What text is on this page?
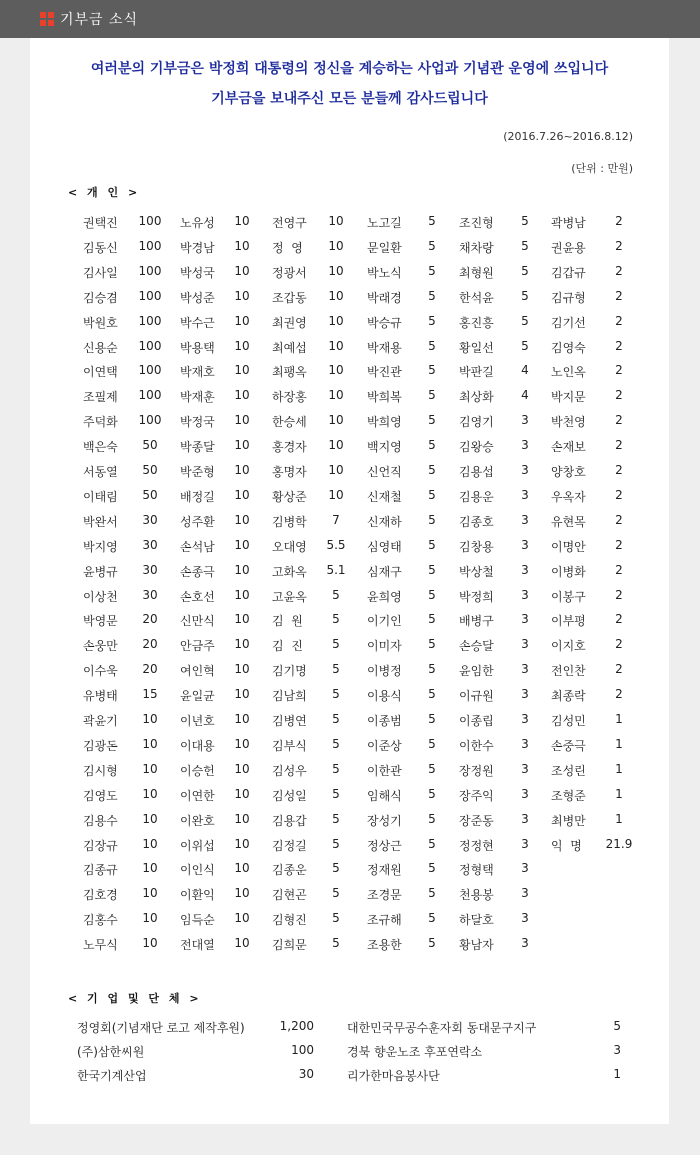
기부금 소식
여러분의 기부금은 박정희 대통령의 정신을 계승하는 사업과 기념관 운영에 쓰입니다
기부금을 보내주신 모든 분들께 감사드립니다
(2016.7.26~2016.8.12)
(단위 : 만원)
< 개 인 >
권택진 100 노유성	10	전영구	10	노고길	5	조진형	5	곽병남	2
김동신 100 박경남	10	정  영	10	문일환	5	채차랑	5	권윤용	2
김사일 100 박성국	10	정광서	10	박노식	5	최형원	5	김갑규	2
김승겸 100 박성준	10	조갑동	10	박래경	5	한석윤	5	김규형	2
박원호 100 박수근	10	최권영	10	박승규	5	홍진흥	5	김기선	2
신용순 100 박용택	10	최예섭	10	박재용	5	황일선	5	김영숙	2
이연택 100 박재호	10	최팽옥	10	박진관	5	박판길	4	노인옥	2
조필제 100 박재훈	10	하장홍	10	박희복	5	최상화	4	박지문	2
주덕화 100 박정국	10	한승세	10	박희영	5	김영기	3	박천영	2
백은숙	50	박종달	10	홍경자	10	백지영	5	김왕승	3	손재보	2
서동열	50	박준형	10	홍명자	10	신언직	5	김용섭	3	양창호	2
이태림	50	배정길	10	황상준	10	신재철	5	김용운	3	우옥자	2
박완서	30	성주환	10	김병학	7	신재하	5	김종호	3	유현목	2
박지영	30	손석남	10	오대영	5.5	심영태	5	김창용	3	이명안	2
윤병규	30	손종극	10	고화옥	5.1	심재구	5	박상철	3	이병화	2
이상천	30	손호선	10	고윤옥	5	윤희영	5	박정희	3	이봉구	2
박영문	20	신만식	10	김  원	5	이기인	5	배병구	3	이부평	2
손웅만	20	안금주	10	김  진	5	이미자	5	손승달	3	이지호	2
이수욱	20	여인혁	10	김기명	5	이병정	5	윤임한	3	전인찬	2
유병태	15	윤일균	10	김남희	5	이용식	5	이규원	3	최종락	2
곽윤기	10	이년호	10	김병연	5	이종범	5	이종립	3	김성민	1
김광돈	10	이대용	10	김부식	5	이준상	5	이한수	3	손중극	1
김시형	10	이승헌	10	김성우	5	이한관	5	장정원	3	조성린	1
김영도	10	이연한	10	김성일	5	임해식	5	장주익	3	조형준	1
김용수	10	이완호	10	김용갑	5	장성기	5	장준동	3	최병만	1
김장규	10	이위섭	10	김정길	5	정상근	5	정정현	3	익  명 21.9
김종규	10	이인식	10	김종운	5	정재원	5	정형택	3
김호경	10	이환익	10	김현곤	5	조경문	5	천용봉	3
김홍수	10	임득순	10	김형진	5	조규해	5	하달호	3
노무식	10	전대열	10	김희문	5	조용한	5	황남자	3
< 기 업 및 단 체 >
정영회(기념재단 로고 제작후원)	1,200	대한민국무공수훈자회 동대문구지구	5
(주)삼한씨원	100	경북 향운노조 후포연락소	3
한국기계산업	30	리가한마음봉사단	1
